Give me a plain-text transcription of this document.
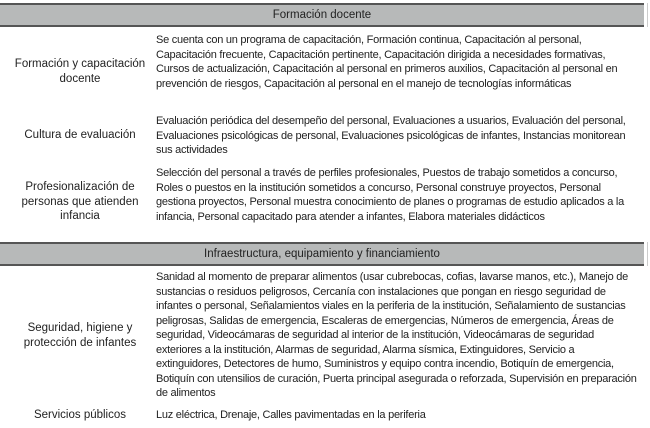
Formación docente
Formación y capacitación docente
Se cuenta con un programa de capacitación, Formación continua, Capacitación al personal, Capacitación frecuente, Capacitación pertinente, Capacitación dirigida a necesidades formativas, Cursos de actualización, Capacitación al personal en primeros auxilios, Capacitación al personal en prevención de riesgos, Capacitación al personal en el manejo de tecnologías informáticas
Cultura de evaluación
Evaluación periódica del desempeño del personal, Evaluaciones a usuarios, Evaluación del personal, Evaluaciones psicológicas de personal, Evaluaciones psicológicas de infantes, Instancias monitorean sus actividades
Profesionalización de personas que atienden infancia
Selección del personal a través de perfiles profesionales, Puestos de trabajo sometidos a concurso, Roles o puestos en la institución sometidos a concurso, Personal construye proyectos, Personal gestiona proyectos, Personal muestra conocimiento de planes o programas de estudio aplicados a la infancia, Personal capacitado para atender a infantes, Elabora materiales didácticos
Infraestructura, equipamiento y financiamiento
Seguridad, higiene y protección de infantes
Sanidad al momento de preparar alimentos (usar cubrebocas, cofias, lavarse manos, etc.), Manejo de sustancias o residuos peligrosos, Cercanía con instalaciones que pongan en riesgo seguridad de infantes o personal, Señalamientos viales en la periferia de la institución, Señalamiento de sustancias peligrosas, Salidas de emergencia, Escaleras de emergencias, Números de emergencia, Áreas de seguridad, Videocámaras de seguridad al interior de la institución, Videocámaras de seguridad exteriores a la institución, Alarmas de seguridad, Alarma sísmica, Extinguidores, Servicio a extinguidores, Detectores de humo, Suministros y equipo contra incendio, Botiquín de emergencia, Botiquín con utensilios de curación, Puerta principal asegurada o reforzada, Supervisión en preparación de alimentos
Servicios públicos	Luz eléctrica, Drenaje, Calles pavimentadas en la periferia
